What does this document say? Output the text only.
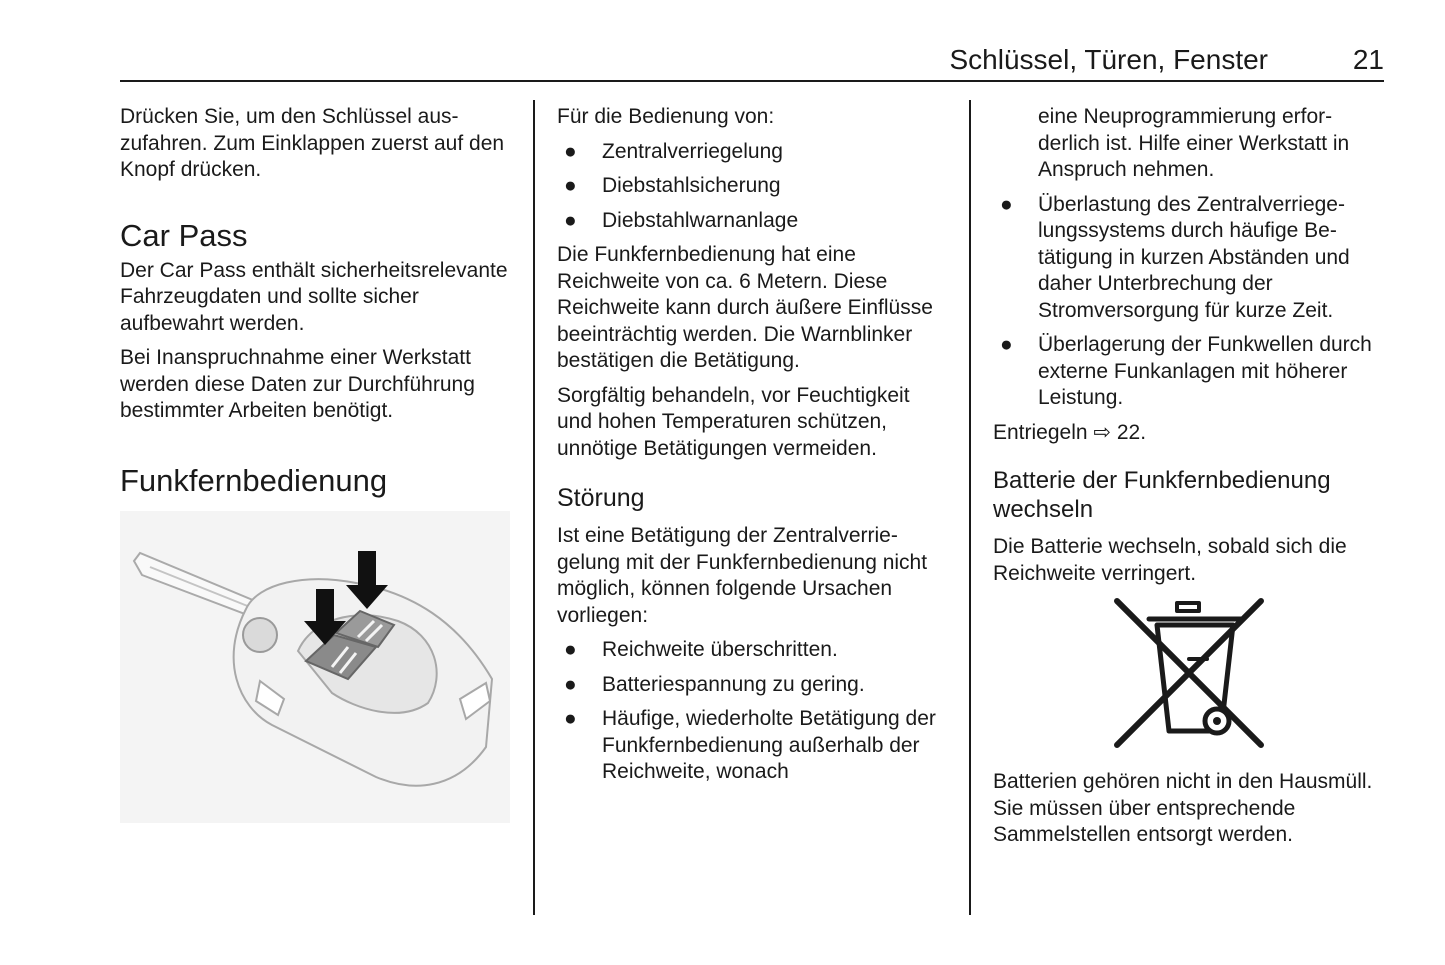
Schlüssel, Türen, Fenster	21

Drücken Sie, um den Schlüssel auszufahren. Zum Einklappen zuerst auf den Knopf drücken.

Car Pass

Der Car Pass enthält sicherheitsrelevante Fahrzeugdaten und sollte sicher aufbewahrt werden.

Bei Inanspruchnahme einer Werkstatt werden diese Daten zur Durchführung bestimmter Arbeiten benötigt.

Funkfernbedienung

Für die Bedienung von:

● Zentralverriegelung
● Diebstahlsicherung
● Diebstahlwarnanlage

Die Funkfernbedienung hat eine Reichweite von ca. 6 Metern. Diese Reichweite kann durch äußere Einflüsse beeinträchtig werden. Die Warnblinker bestätigen die Betätigung.

Sorgfältig behandeln, vor Feuchtigkeit und hohen Temperaturen schützen, unnötige Betätigungen vermeiden.

Störung

Ist eine Betätigung der Zentralverriegelung mit der Funkfernbedienung nicht möglich, können folgende Ursachen vorliegen:

● Reichweite überschritten.
● Batteriespannung zu gering.
● Häufige, wiederholte Betätigung der Funkfernbedienung außerhalb der Reichweite, wonach

eine Neuprogrammierung erforderlich ist. Hilfe einer Werkstatt in Anspruch nehmen.

● Überlastung des Zentralverriegelungssystems durch häufige Betätigung in kurzen Abständen und daher Unterbrechung der Stromversorgung für kurze Zeit.
● Überlagerung der Funkwellen durch externe Funkanlagen mit höherer Leistung.

Entriegeln ⇨ 22.

Batterie der Funkfernbedienung wechseln

Die Batterie wechseln, sobald sich die Reichweite verringert.

Batterien gehören nicht in den Hausmüll. Sie müssen über entsprechende Sammelstellen entsorgt werden.
